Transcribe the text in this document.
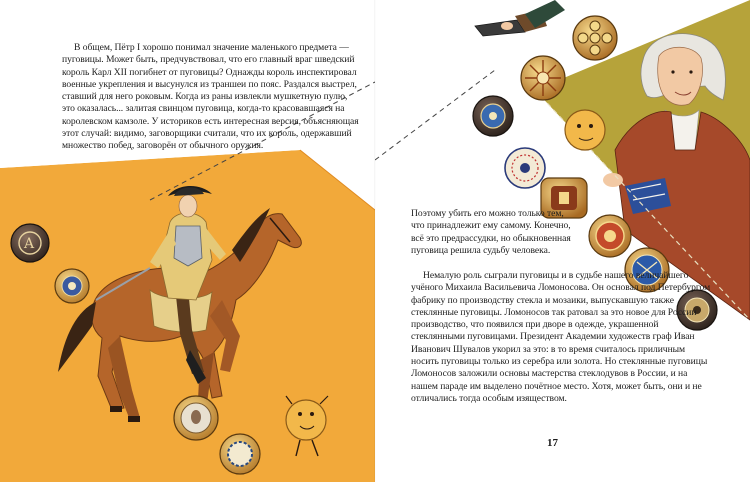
A

В общем, Пётр I хорошо понимал значение маленького предмета — пуговицы. Может быть, предчувствовал, что его главный враг шведский король Карл XII погибнет от пуговицы? Однажды король инспектировал военные укрепления и высунулся из траншеи по пояс. Раздался выстрел, ставший для него роковым. Когда из раны извлекли мушкетную пулю, это оказалась... залитая свинцом пуговица, когда-то красовавшаяся на королевском камзоле. У историков есть интересная версия, объясняющая этот случай: видимо, заговорщики считали, что их король, одержавший множество побед, заговорён от обычного оружия.

Поэтому убить его можно только тем, что принадлежит ему самому. Конечно, всё это предрассудки, но обыкновенная пуговица решила судьбу человека.

Немалую роль сыграли пуговицы и в судьбе нашего величайшего учёного Михаила Васильевича Ломоносова. Он основал под Петербургом фабрику по производству стекла и мозаики, выпускавшую также стеклянные пуговицы. Ломоносов так ратовал за это новое для России производство, что появился при дворе в одежде, украшенной стеклянными пуговицами. Президент Академии художеств граф Иван Иванович Шувалов укорил за это: в то время считалось приличным носить пуговицы только из серебра или золота. Но стеклянные пуговицы Ломоносов заложили основы мастерства стеклодувов в России, и на нашем параде им выделено почётное место. Хотя, может быть, они и не отличались тогда особым изяществом.

17
